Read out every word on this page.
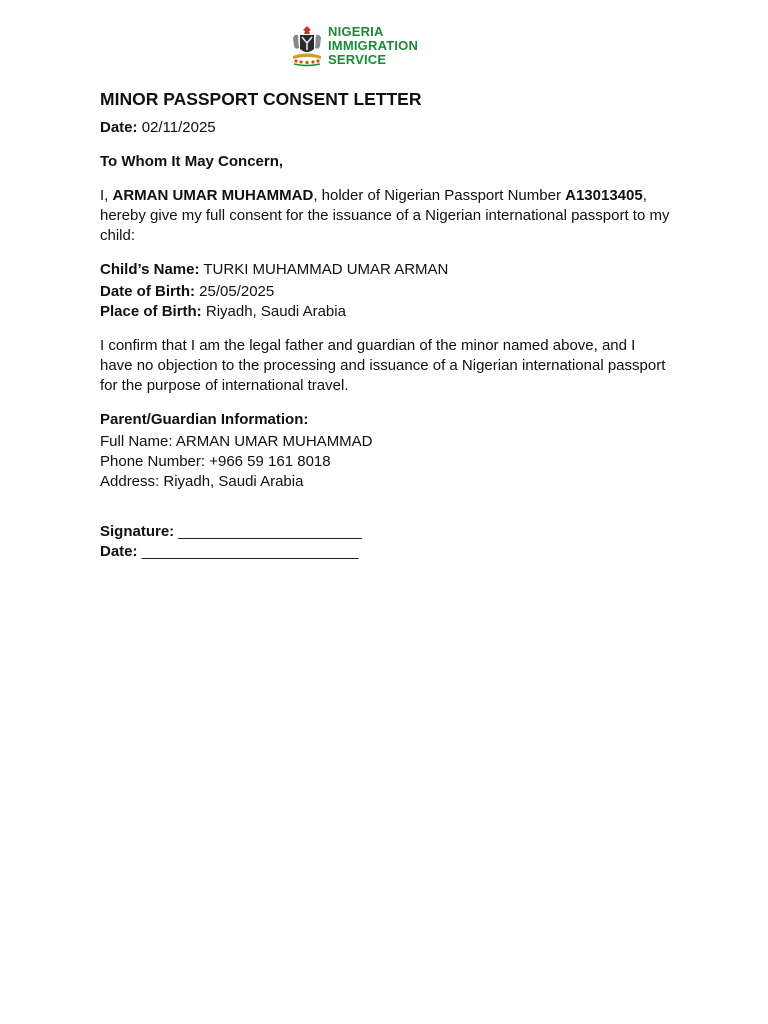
NIGERIA
IMMIGRATION
SERVICE
MINOR PASSPORT CONSENT LETTER

Date: 02/11/2025

To Whom It May Concern,

I, ARMAN UMAR MUHAMMAD, holder of Nigerian Passport Number A13013405, hereby give my full consent for the issuance of a Nigerian international passport to my child:

Child’s Name: TURKI MUHAMMAD UMAR ARMAN

Date of Birth: 25/05/2025

Place of Birth: Riyadh, Saudi Arabia

I confirm that I am the legal father and guardian of the minor named above, and I have no objection to the processing and issuance of a Nigerian international passport for the purpose of international travel.

Parent/Guardian Information:

Full Name: ARMAN UMAR MUHAMMAD

Phone Number: +966 59 161 8018

Address: Riyadh, Saudi Arabia

Signature: ______________________

Date: __________________________
